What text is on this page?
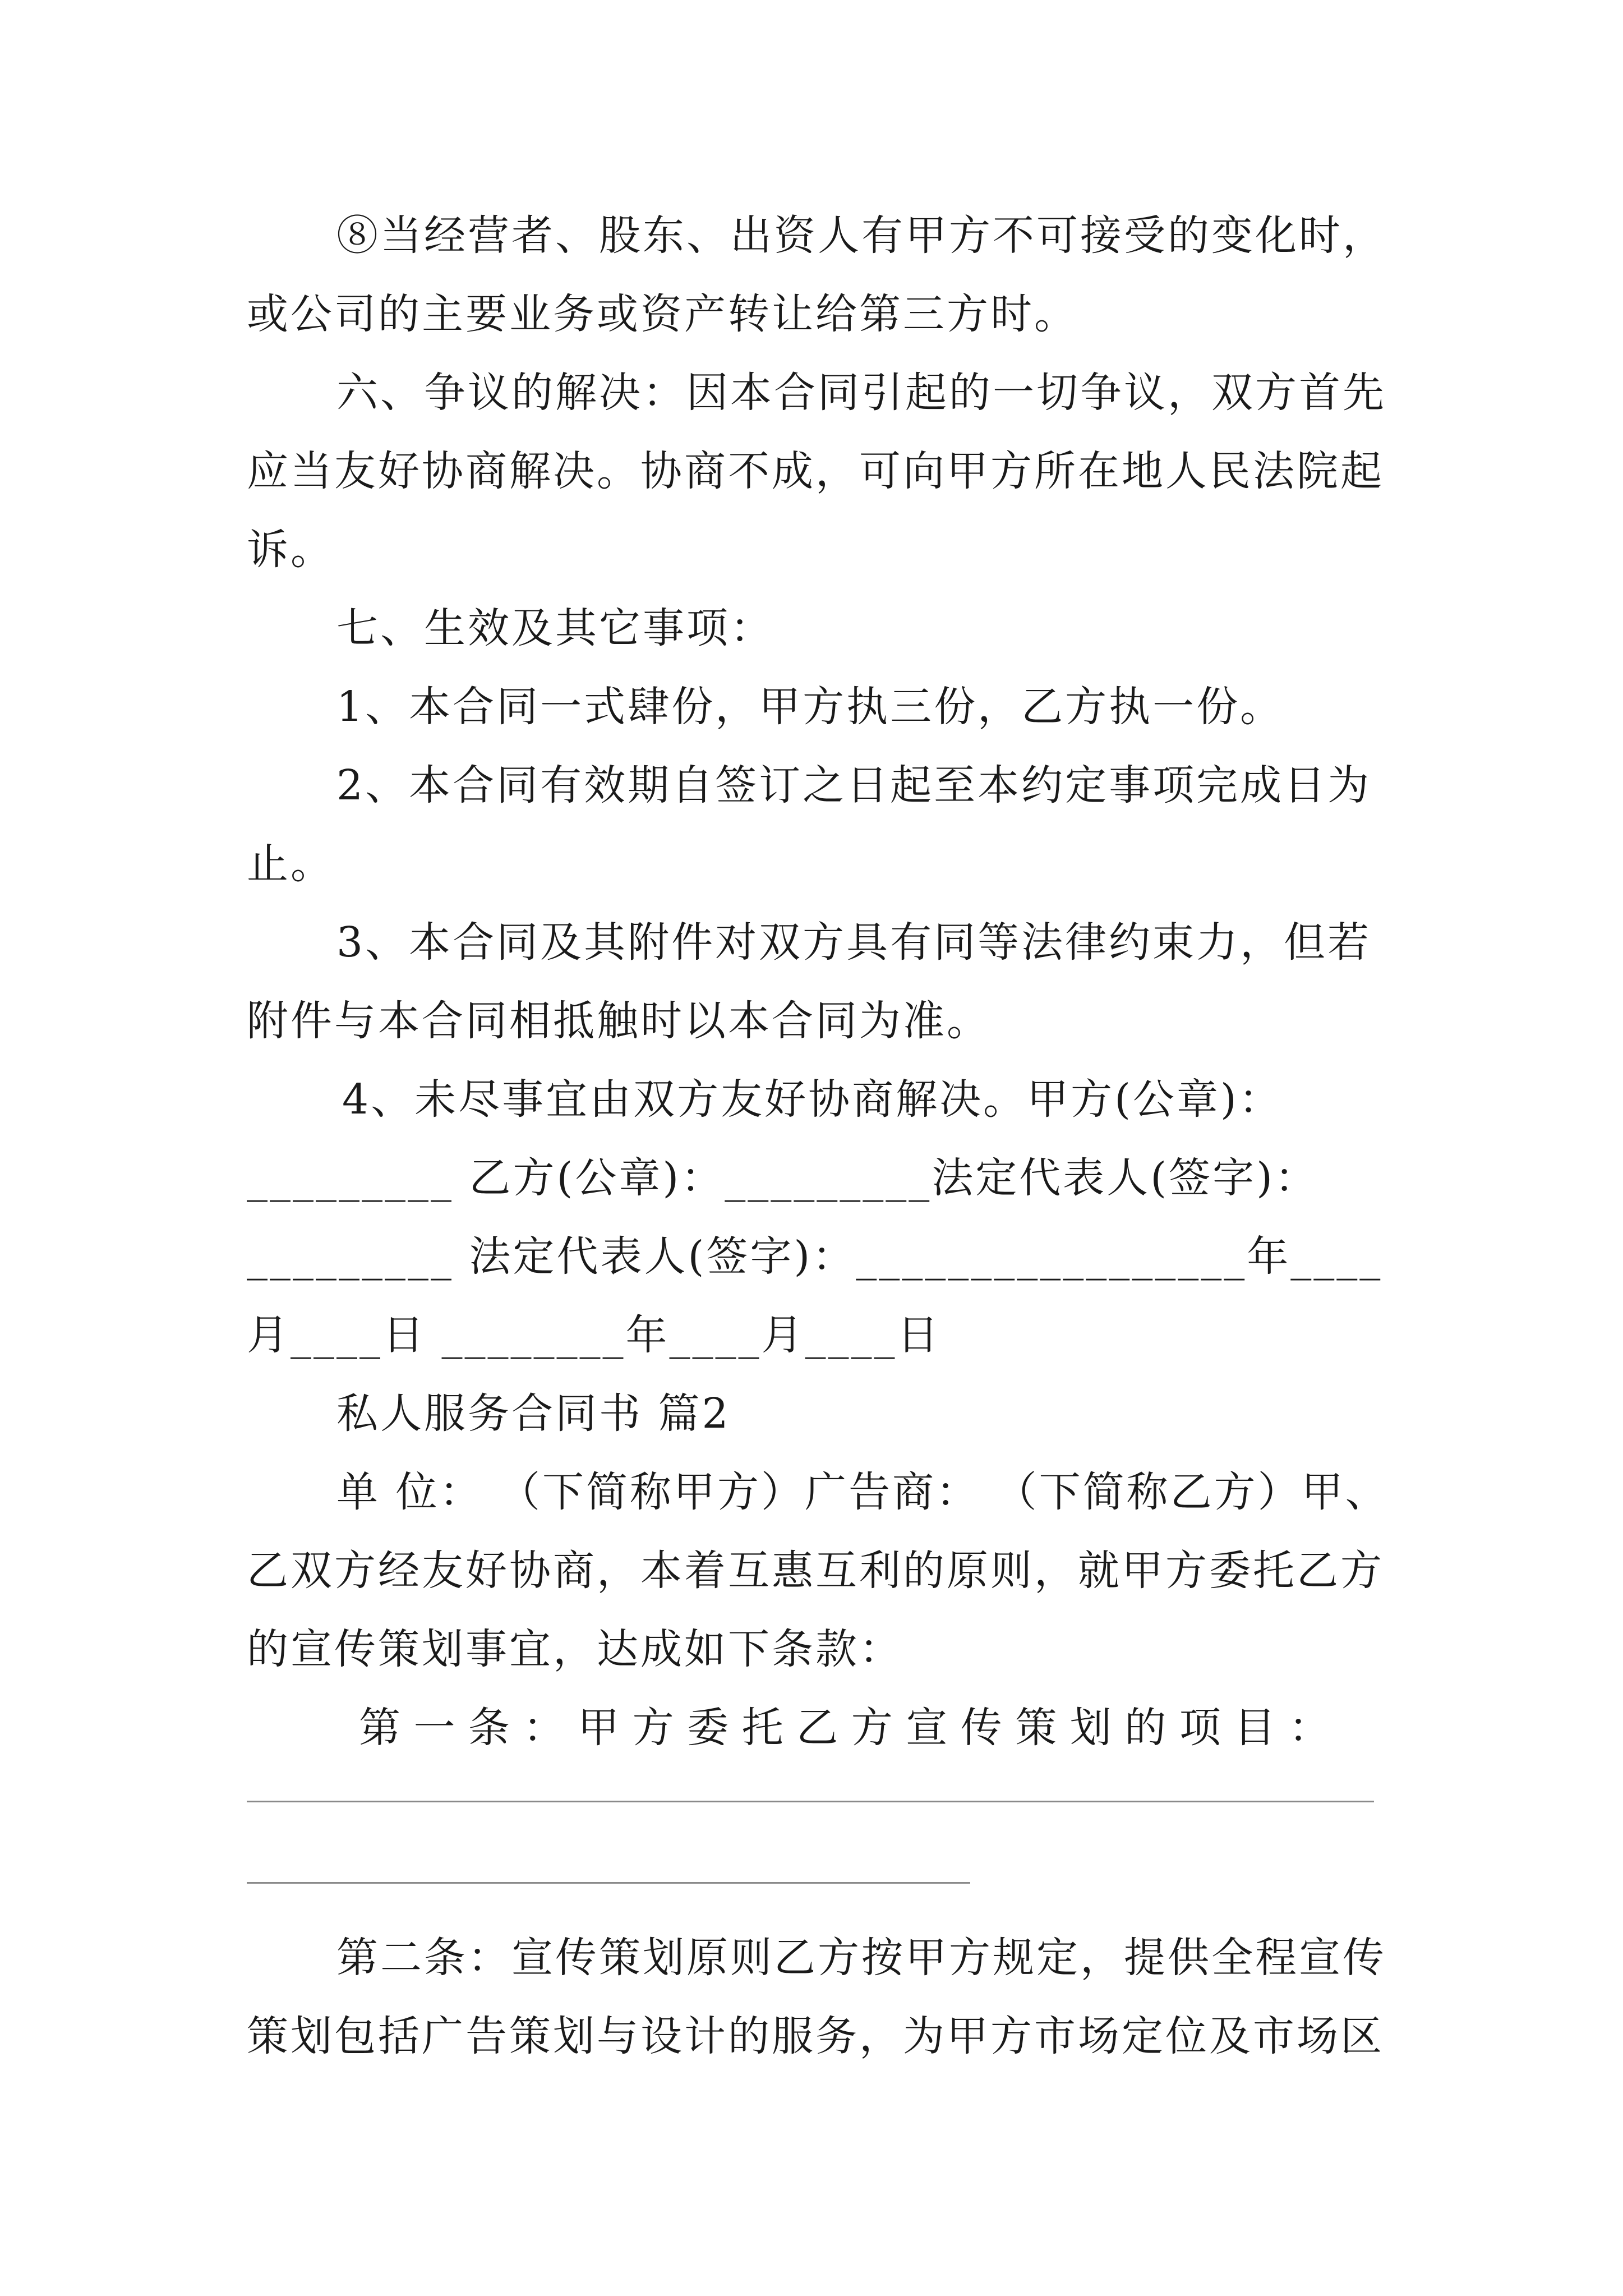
⑧当经营者、股东、出资人有甲方不可接受的变化时，
或公司的主要业务或资产转让给第三方时。
六、争议的解决：因本合同引起的一切争议，双方首先
应当友好协商解决。协商不成，可向甲方所在地人民法院起
诉。
七、生效及其它事项：
1、本合同一式肆份，甲方执三份，乙方执一份。
2、本合同有效期自签订之日起至本约定事项完成日为
止。
3、本合同及其附件对双方具有同等法律约束力，但若
附件与本合同相抵触时以本合同为准。
4、未尽事宜由双方友好协商解决。甲方(公章)：
_________ 乙方(公章)：_________法定代表人(签字)：
_________ 法定代表人(签字)：_________________年____
月____日 ________年____月____日
私人服务合同书 篇2
单 位： （下简称甲方）广告商： （下简称乙方）甲、
乙双方经友好协商，本着互惠互利的原则，就甲方委托乙方
的宣传策划事宜，达成如下条款：
第 一 条 ： 甲 方 委 托 乙 方 宣 传 策 划 的 项 目 ：
第二条：宣传策划原则乙方按甲方规定，提供全程宣传
策划包括广告策划与设计的服务，为甲方市场定位及市场区
